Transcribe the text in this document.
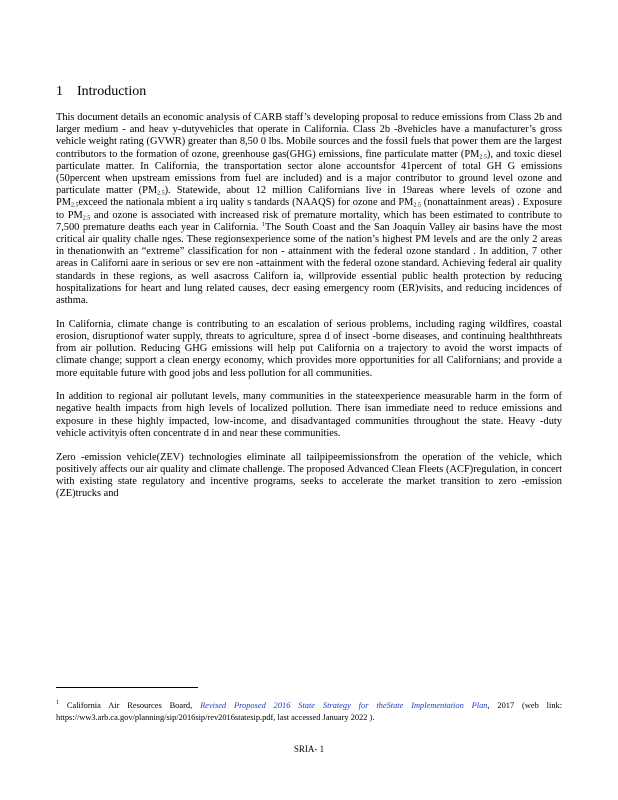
1 Introduction

This document details an economic analysis of CARB staff’s developing proposal to reduce emissions from Class 2b and larger medium - and heav y-dutyvehicles that operate in California. Class 2b -8vehicles have a manufacturer’s gross vehicle weight rating (GVWR) greater than 8,50 0 lbs. Mobile sources and the fossil fuels that power them are the largest contributors to the formation of ozone, greenhouse gas(GHG) emissions, fine particulate matter $(PM_{2.5})$, and toxic diesel particulate matter. In California, the transportation sector alone accountsfor 41percent of total GH G emissions (50percent when upstream emissions from fuel are included) and is a major contributor to ground level ozone and particulate matter $(PM_{2.5})$. Statewide, about 12 million Californians live in 19areas where levels of ozone and $PM_{2.5}exceed$ the nationala mbient a irq uality s tandards (NAAQS) for ozone and $PM_{2.5}$ (nonattainment areas) . Exposure to $PM_{2.5}$ and ozone is associated with increased risk of premature mortality, which has been estimated to contribute to 7,500 premature deaths each year in California. $^1$The South Coast and the San Joaquin Valley air basins have the most critical air quality challe nges. These regionsexperience some of the nation’s highest PM levels and are the only 2 areas in thenationwith an “extreme” classification for non - attainment with the federal ozone standard . In addition, 7 other areas in Californi aare in serious or sev ere non -attainment with the federal ozone standard. Achieving federal air quality standards in these regions, as well asacross Californ ia, willprovide essential public health protection by reducing hospitalizations for heart and lung related causes, decr easing emergency room (ER)visits, and reducing incidences of asthma.

In California, climate change is contributing to an escalation of serious problems, including raging wildfires, coastal erosion, disruptionof water supply, threats to agriculture, sprea d of insect -borne diseases, and continuing healththreats from air pollution. Reducing GHG emissions will help put California on a trajectory to avoid the worst impacts of climate change; support a clean energy economy, which provides more opportunities for all Californians; and provide a more equitable future with good jobs and less pollution for all communities.

In addition to regional air pollutant levels, many communities in the stateexperience measurable harm in the form of negative health impacts from high levels of localized pollution. There isan immediate need to reduce emissions and exposure in these highly impacted, low-income, and disadvantaged communities throughout the state. Heavy -duty vehicle activityis often concentrate d in and near these communities.

Zero -emission vehicle(ZEV) technologies eliminate all tailpipeemissionsfrom the operation of the vehicle, which positively affects our air quality and climate challenge. The proposed Advanced Clean Fleets (ACF)regulation, in concert with existing state regulatory and incentive programs, seeks to accelerate the market transition to zero -emission (ZE)trucks and

$^1$ California Air Resources Board, Revised Proposed 2016 State Strategy for theState Implementation Plan, 2017 (web link: https://ww3.arb.ca.gov/planning/sip/2016sip/rev2016statesip.pdf, last accessed January 2022 ).
SRIA- 1
